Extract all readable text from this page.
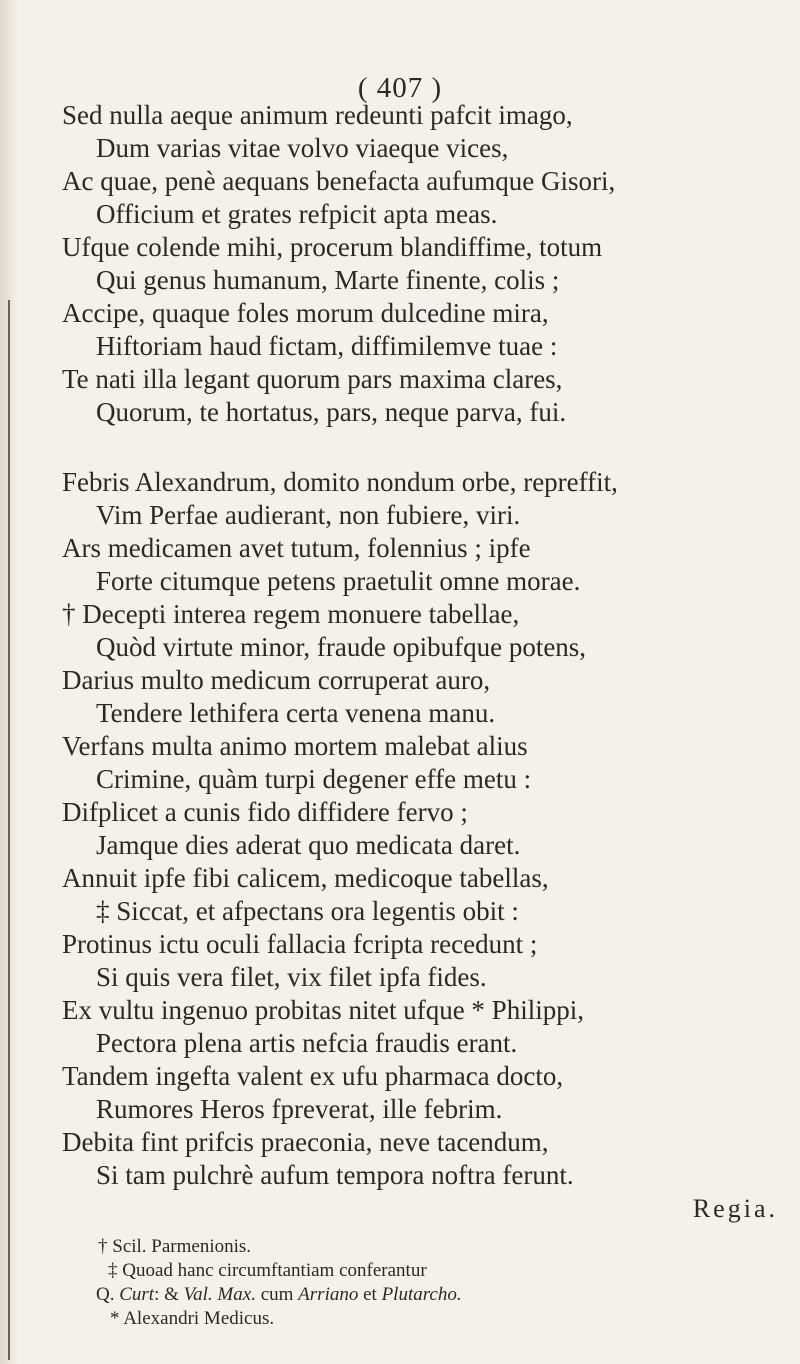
( 407 )
Sed nulla aeque animum redeunti pafcit imago,
Dum varias vitae volvo viaeque vices,
Ac quae, penè aequans benefacta aufumque Gisori,
Officium et grates refpicit apta meas.
Ufque colende mihi, procerum blandiffime, totum
Qui genus humanum, Marte finente, colis ;
Accipe, quaque foles morum dulcedine mira,
Hiftoriam haud fictam, diffimilemve tuae :
Te nati illa legant quorum pars maxima clares,
Quorum, te hortatus, pars, neque parva, fui.
Febris Alexandrum, domito nondum orbe, repreffit,
Vim Perfae audierant, non fubiere, viri.
Ars medicamen avet tutum, folennius ; ipfe
Forte citumque petens praetulit omne morae.
† Decepti interea regem monuere tabellae,
Quòd virtute minor, fraude opibufque potens,
Darius multo medicum corruperat auro,
Tendere lethifera certa venena manu.
Verfans multa animo mortem malebat alius
Crimine, quàm turpi degener effe metu :
Difplicet a cunis fido diffidere fervo ;
Jamque dies aderat quo medicata daret.
Annuit ipfe fibi calicem, medicoque tabellas,
‡ Siccat, et afpectans ora legentis obit :
Protinus ictu oculi fallacia fcripta recedunt ;
Si quis vera filet, vix filet ipfa fides.
Ex vultu ingenuo probitas nitet ufque * Philippi,
Pectora plena artis nefcia fraudis erant.
Tandem ingefta valent ex ufu pharmaca docto,
Rumores Heros fpreverat, ille febrim.
Debita fint prifcis praeconia, neve tacendum,
Si tam pulchrè aufum tempora noftra ferunt.
Regia.
† Scil. Parmenionis.
‡ Quoad hanc circumftantiam conferantur
Q. Curt: & Val. Max. cum Arriano et Plutarcho.
* Alexandri Medicus.
